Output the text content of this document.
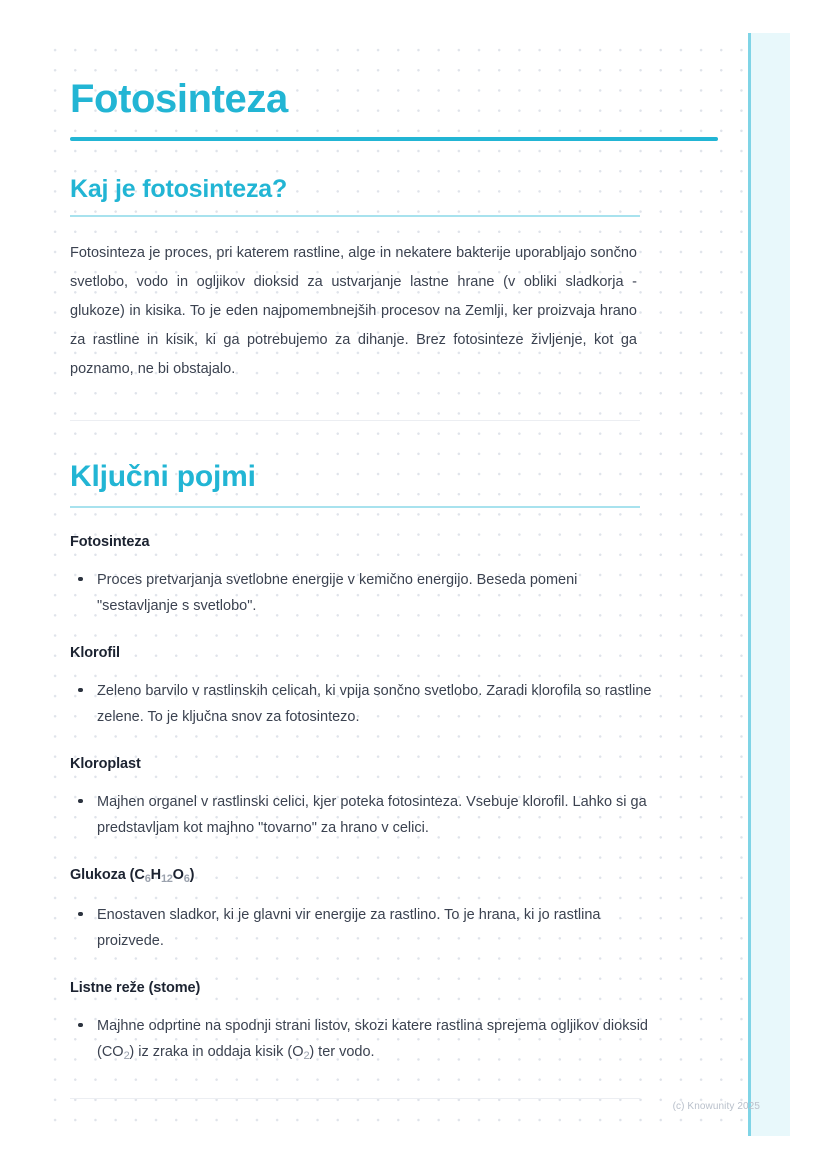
Fotosinteza
Kaj je fotosinteza?

Fotosinteza je proces, pri katerem rastline, alge in nekatere bakterije uporabljajo sončno svetlobo, vodo in ogljikov dioksid za ustvarjanje lastne hrane (v obliki sladkorja - glukoze) in kisika. To je eden najpomembnejših procesov na Zemlji, ker proizvaja hrano za rastline in kisik, ki ga potrebujemo za dihanje. Brez fotosinteze življenje, kot ga poznamo, ne bi obstajalo.

Ključni pojmi
Fotosinteza
Proces pretvarjanja svetlobne energije v kemično energijo. Beseda pomeni "sestavljanje s svetlobo".
Klorofil
Zeleno barvilo v rastlinskih celicah, ki vpija sončno svetlobo. Zaradi klorofila so rastline zelene. To je ključna snov za fotosintezo.
Kloroplast
Majhen organel v rastlinski celici, kjer poteka fotosinteza. Vsebuje klorofil. Lahko si ga predstavljam kot majhno "tovarno" za hrano v celici.
Glukoza $(C_6H_{12}O_6)$
Enostaven sladkor, ki je glavni vir energije za rastlino. To je hrana, ki jo rastlina proizvede.
Listne reže (stome)
Majhne odprtine na spodnji strani listov, skozi katere rastlina sprejema ogljikov dioksid $(CO_2)$ iz zraka in oddaja kisik $(O_2)$ ter vodo.
(c) Knowunity 2025
